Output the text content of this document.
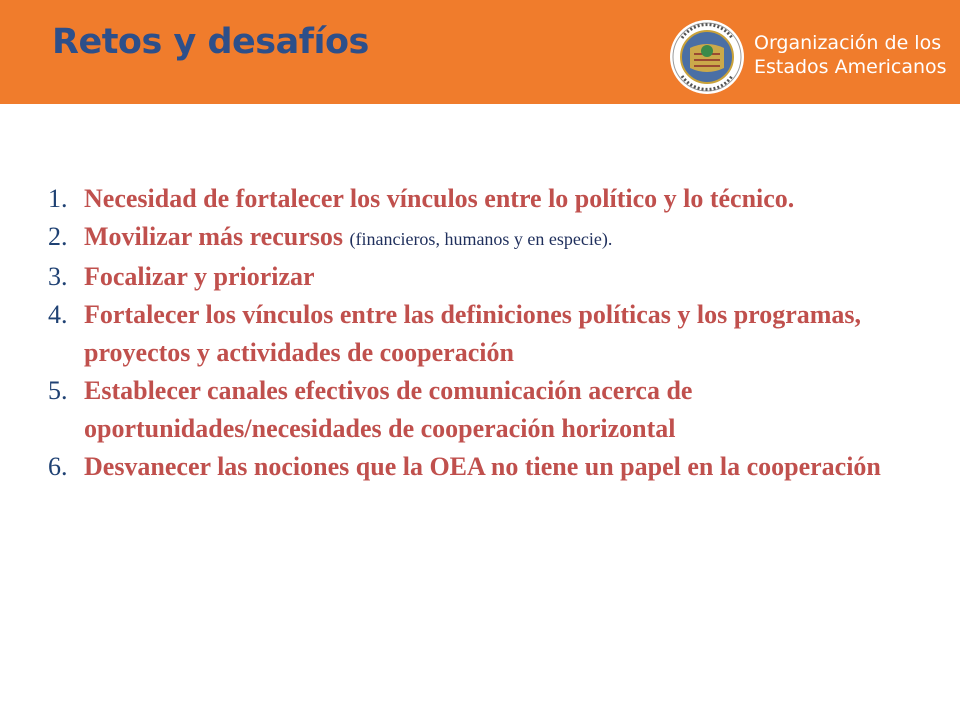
Retos y desafíos	Organización de los
Estados Americanos
1. Necesidad de fortalecer los vínculos entre lo político y lo técnico.
2. Movilizar más recursos (financieros, humanos y en especie).
3. Focalizar y priorizar
4. Fortalecer los vínculos entre las definiciones políticas y los programas, proyectos y actividades de cooperación
5. Establecer canales efectivos de comunicación acerca de oportunidades/necesidades de cooperación horizontal
6. Desvanecer las nociones que la OEA no tiene un papel en la cooperación
